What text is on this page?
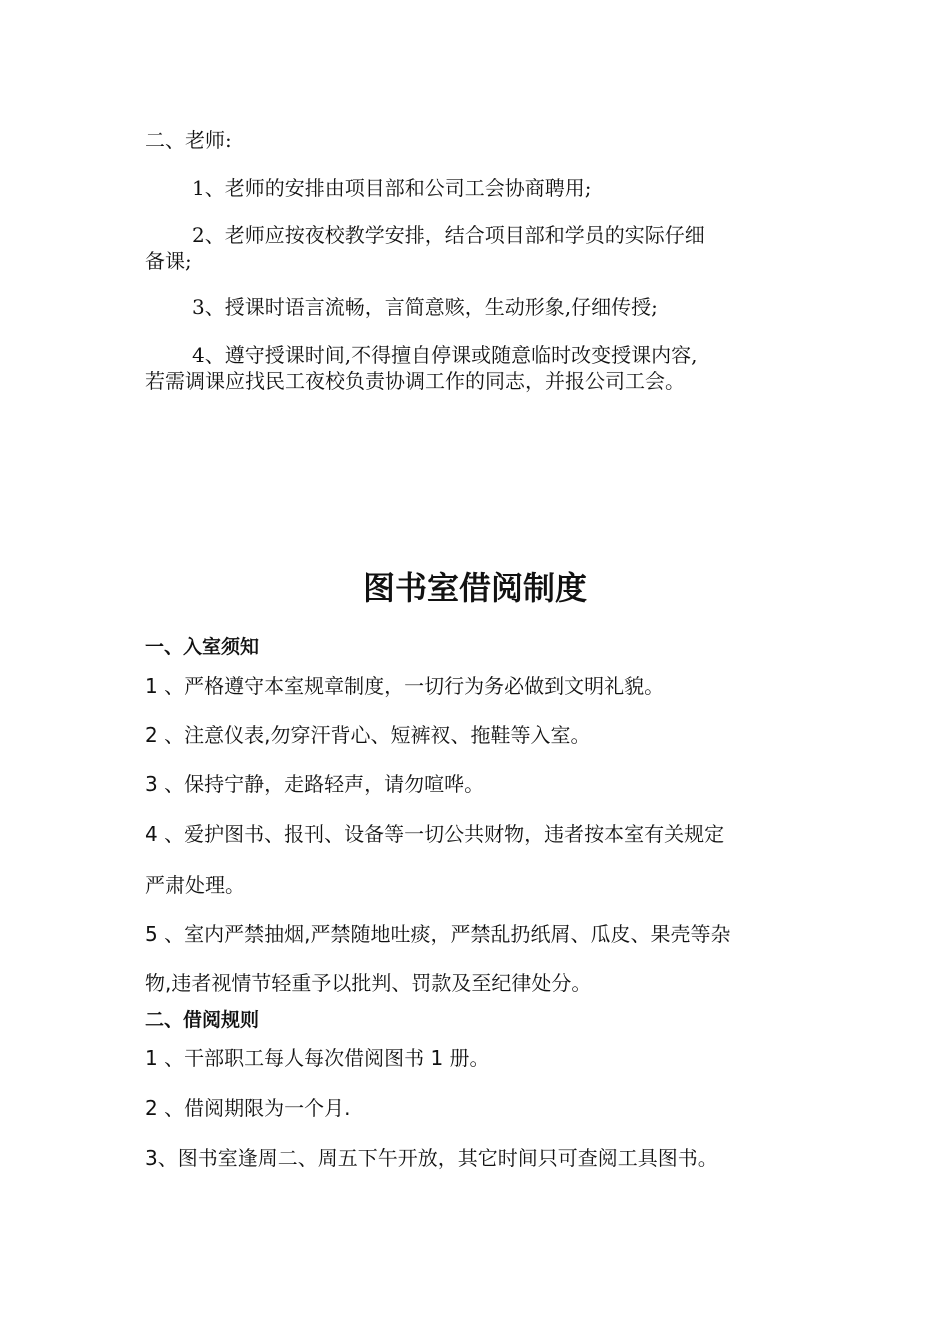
二、老师:

1、老师的安排由项目部和公司工会协商聘用;

2、老师应按夜校教学安排，结合项目部和学员的实际仔细

备课;

3、授课时语言流畅，言简意赅，生动形象,仔细传授;

4、遵守授课时间,不得擅自停课或随意临时改变授课内容,

若需调课应找民工夜校负责协调工作的同志，并报公司工会。

图书室借阅制度

一、入室须知

1 、严格遵守本室规章制度，一切行为务必做到文明礼貌。

2 、注意仪表,勿穿汗背心、短裤衩、拖鞋等入室。

3 、保持宁静，走路轻声，请勿喧哗。

4 、爱护图书、报刊、设备等一切公共财物，违者按本室有关规定

严肃处理。

5 、室内严禁抽烟,严禁随地吐痰，严禁乱扔纸屑、瓜皮、果壳等杂

物,违者视情节轻重予以批判、罚款及至纪律处分。

二、借阅规则

1 、干部职工每人每次借阅图书 1 册。

2 、借阅期限为一个月.

3、图书室逢周二、周五下午开放，其它时间只可查阅工具图书。
